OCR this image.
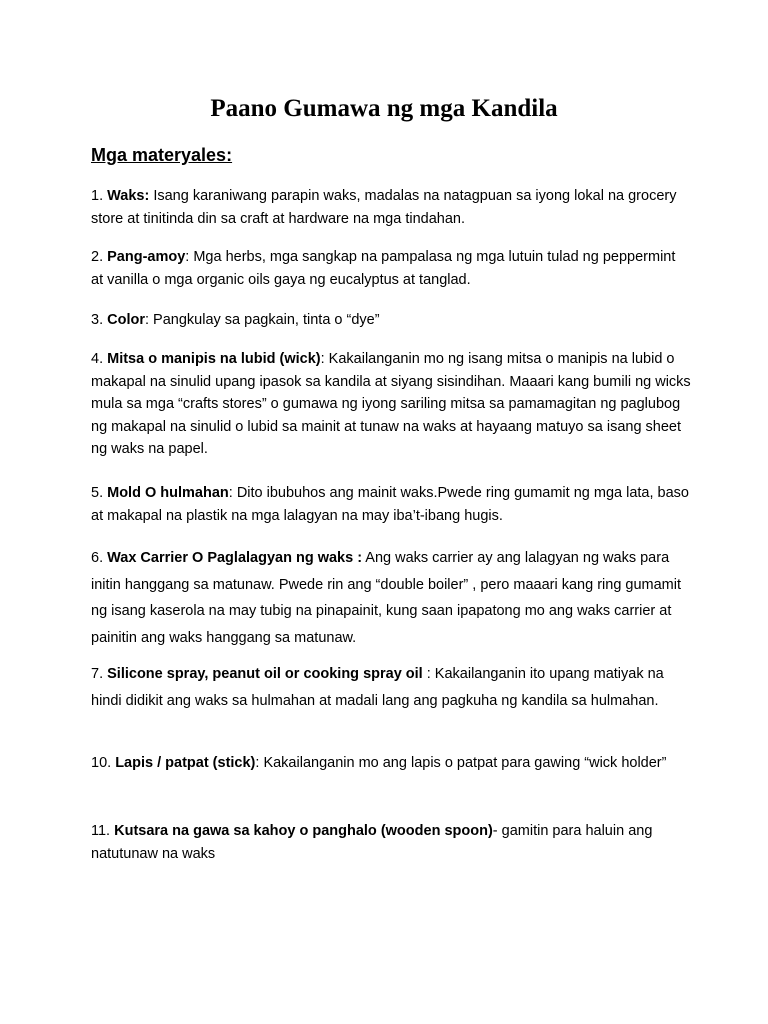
Paano Gumawa ng mga Kandila
Mga materyales:
1. Waks: Isang karaniwang parapin waks, madalas na natagpuan sa iyong lokal na grocery store at tinitinda din sa craft at hardware na mga tindahan.
2. Pang-amoy: Mga herbs, mga sangkap na pampalasa ng mga lutuin tulad ng peppermint at vanilla o mga organic oils gaya ng eucalyptus at tanglad.
3. Color: Pangkulay sa pagkain, tinta o “dye”
4. Mitsa o manipis na lubid (wick): Kakailanganin mo ng isang mitsa o manipis na lubid o makapal na sinulid upang ipasok sa kandila at siyang sisindihan. Maaari kang bumili ng wicks mula sa mga “crafts stores” o gumawa ng iyong sariling mitsa sa pamamagitan ng paglubog ng makapal na sinulid o lubid sa mainit at tunaw na waks at hayaang matuyo sa isang sheet ng waks na papel.
5. Mold O hulmahan: Dito ibubuhos ang mainit waks.Pwede ring gumamit ng mga lata, baso at makapal na plastik na mga lalagyan na may iba’t-ibang hugis.
6. Wax Carrier O Paglalagyan ng waks : Ang waks carrier ay ang lalagyan ng waks para initin hanggang sa matunaw. Pwede rin ang “double boiler” , pero maaari kang ring gumamit ng isang kaserola na may tubig na pinapainit, kung saan ipapatong mo ang waks carrier at painitin ang waks hanggang sa matunaw.
7. Silicone spray, peanut oil or cooking spray oil : Kakailanganin ito upang matiyak na hindi didikit ang waks sa hulmahan at madali lang ang pagkuha ng kandila sa hulmahan.
10. Lapis / patpat (stick): Kakailanganin mo ang lapis o patpat para gawing “wick holder”
11. Kutsara na gawa sa kahoy o panghalo (wooden spoon)- gamitin para haluin ang natutunaw na waks
